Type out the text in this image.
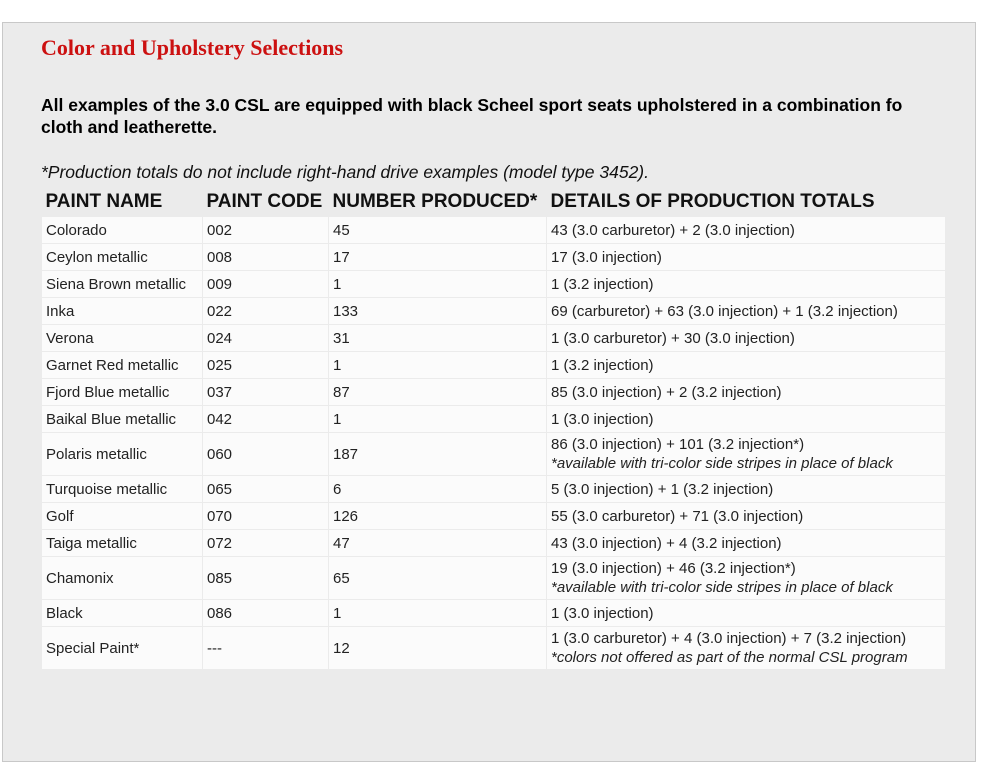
Color and Upholstery Selections

All examples of the 3.0 CSL are equipped with black Scheel sport seats upholstered in a combination fo cloth and leatherette.

*Production totals do not include right-hand drive examples (model type 3452).

PAINT NAME	PAINT CODE	NUMBER PRODUCED*	DETAILS OF PRODUCTION TOTALS
Colorado	002	45	43 (3.0 carburetor) + 2 (3.0 injection)

Ceylon metallic	008	17	17 (3.0 injection)

Siena Brown metallic	009	1	1 (3.2 injection)

Inka	022	133	69 (carburetor) + 63 (3.0 injection) + 1 (3.2 injection)

Verona	024	31	1 (3.0 carburetor) + 30 (3.0 injection)

Garnet Red metallic	025	1	1 (3.2 injection)

Fjord Blue metallic	037	87	85 (3.0 injection) + 2 (3.2 injection)

Baikal Blue metallic	042	1	1 (3.0 injection)

Polaris metallic	060	187	86 (3.0 injection) + 101 (3.2 injection*)
*available with tri-color side stripes in place of black

Turquoise metallic	065	6	5 (3.0 injection) + 1 (3.2 injection)

Golf	070	126	55 (3.0 carburetor) + 71 (3.0 injection)

Taiga metallic	072	47	43 (3.0 injection) + 4 (3.2 injection)

Chamonix	085	65	19 (3.0 injection) + 46 (3.2 injection*)
*available with tri-color side stripes in place of black

Black	086	1	1 (3.0 injection)

Special Paint*	---	12	1 (3.0 carburetor) + 4 (3.0 injection) + 7 (3.2 injection)
*colors not offered as part of the normal CSL program
